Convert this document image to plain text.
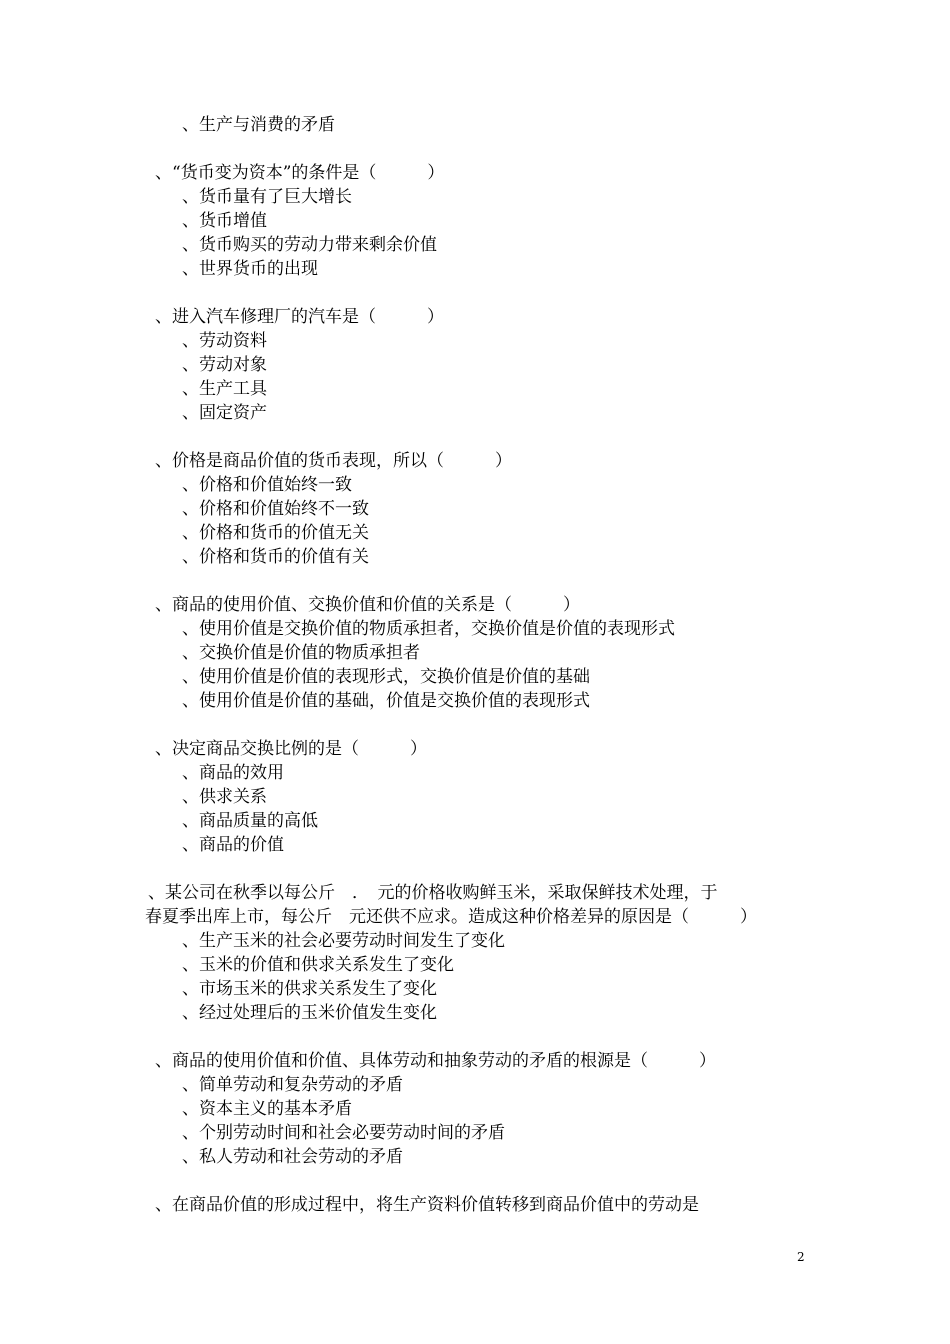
、生产与消费的矛盾
、“货币变为资本”的条件是（　　　）
、货币量有了巨大增长
、货币增值
、货币购买的劳动力带来剩余价值
、世界货币的出现
、进入汽车修理厂的汽车是（　　　）
、劳动资料
、劳动对象
、生产工具
、固定资产
、价格是商品价值的货币表现，所以（　　　）
、价格和价值始终一致
、价格和价值始终不一致
、价格和货币的价值无关
、价格和货币的价值有关
、商品的使用价值、交换价值和价值的关系是（　　　）
、使用价值是交换价值的物质承担者，交换价值是价值的表现形式
、交换价值是价值的物质承担者
、使用价值是价值的表现形式，交换价值是价值的基础
、使用价值是价值的基础，价值是交换价值的表现形式
、决定商品交换比例的是（　　　）
、商品的效用
、供求关系
、商品质量的高低
、商品的价值
、某公司在秋季以每公斤　．　元的价格收购鲜玉米，采取保鲜技术处理，于
春夏季出库上市，每公斤　元还供不应求。造成这种价格差异的原因是（　　　）
、生产玉米的社会必要劳动时间发生了变化
、玉米的价值和供求关系发生了变化
、市场玉米的供求关系发生了变化
、经过处理后的玉米价值发生变化
、商品的使用价值和价值、具体劳动和抽象劳动的矛盾的根源是（　　　）
、简单劳动和复杂劳动的矛盾
、资本主义的基本矛盾
、个别劳动时间和社会必要劳动时间的矛盾
、私人劳动和社会劳动的矛盾
、在商品价值的形成过程中，将生产资料价值转移到商品价值中的劳动是
2
